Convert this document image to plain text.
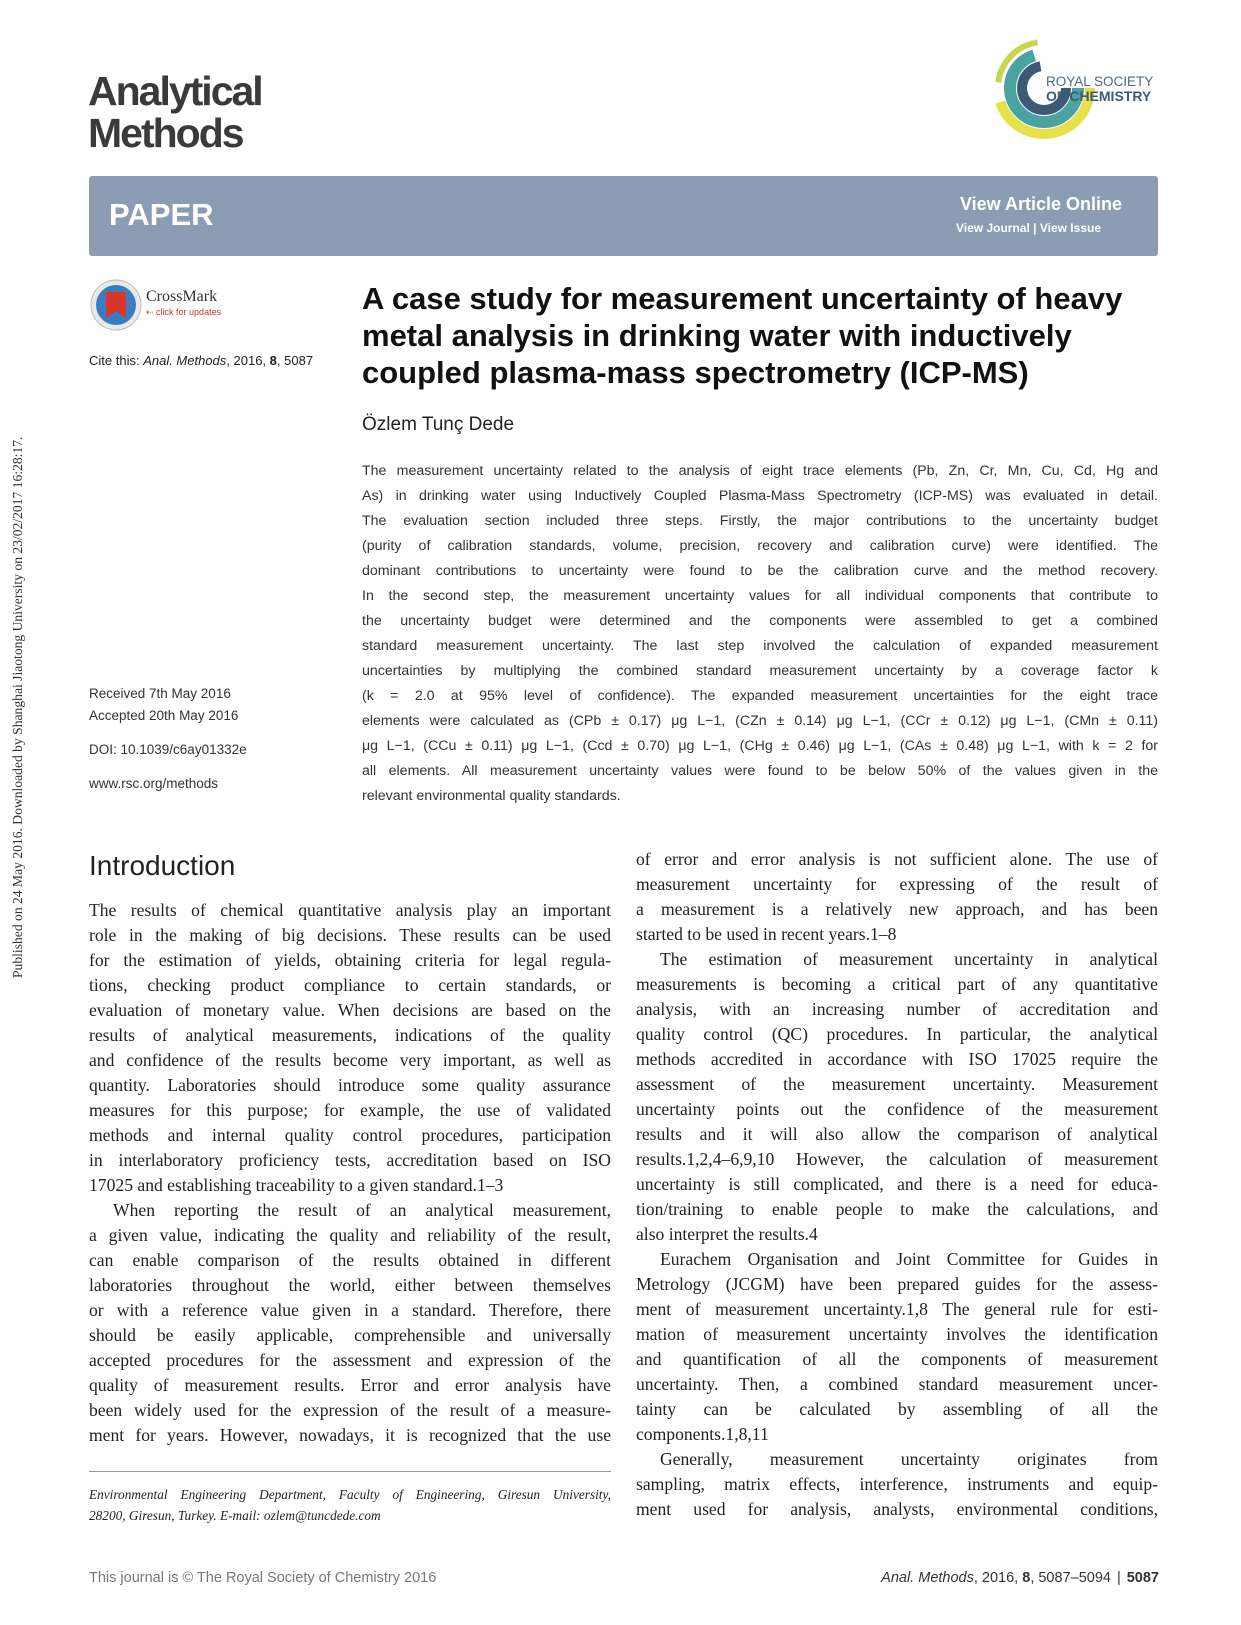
Published on 24 May 2016. Downloaded by Shanghai Jiaotong University on 23/02/2017 16:28:17.
Analytical
Methods
ROYAL SOCIETY
OF CHEMISTRY
PAPER	View Article Online
View Journal | View Issue
CrossMark
⇠ click for updates
Cite this: Anal. Methods, 2016, 8, 5087
Received 7th May 2016
Accepted 20th May 2016
DOI: 10.1039/c6ay01332e
www.rsc.org/methods
A case study for measurement uncertainty of heavy
metal analysis in drinking water with inductively
coupled plasma-mass spectrometry (ICP-MS)
Özlem Tunç Dede
The measurement uncertainty related to the analysis of eight trace elements (Pb, Zn, Cr, Mn, Cu, Cd, Hg and
As) in drinking water using Inductively Coupled Plasma-Mass Spectrometry (ICP-MS) was evaluated in detail.
The evaluation section included three steps. Firstly, the major contributions to the uncertainty budget
(purity of calibration standards, volume, precision, recovery and calibration curve) were identified. The
dominant contributions to uncertainty were found to be the calibration curve and the method recovery.
In the second step, the measurement uncertainty values for all individual components that contribute to
the uncertainty budget were determined and the components were assembled to get a combined
standard measurement uncertainty. The last step involved the calculation of expanded measurement
uncertainties by multiplying the combined standard measurement uncertainty by a coverage factor k
(k = 2.0 at 95% level of confidence). The expanded measurement uncertainties for the eight trace
elements were calculated as (CPb ± 0.17) μg L−1, (CZn ± 0.14) μg L−1, (CCr ± 0.12) μg L−1, (CMn ± 0.11)
μg L−1, (CCu ± 0.11) μg L−1, (Ccd ± 0.70) μg L−1, (CHg ± 0.46) μg L−1, (CAs ± 0.48) μg L−1, with k = 2 for
all elements. All measurement uncertainty values were found to be below 50% of the values given in the
relevant environmental quality standards.
Introduction
The results of chemical quantitative analysis play an important
role in the making of big decisions. These results can be used
for the estimation of yields, obtaining criteria for legal regula-
tions, checking product compliance to certain standards, or
evaluation of monetary value. When decisions are based on the
results of analytical measurements, indications of the quality
and confidence of the results become very important, as well as
quantity. Laboratories should introduce some quality assurance
measures for this purpose; for example, the use of validated
methods and internal quality control procedures, participation
in interlaboratory proficiency tests, accreditation based on ISO
17025 and establishing traceability to a given standard.1–3
When reporting the result of an analytical measurement,
a given value, indicating the quality and reliability of the result,
can enable comparison of the results obtained in different
laboratories throughout the world, either between themselves
or with a reference value given in a standard. Therefore, there
should be easily applicable, comprehensible and universally
accepted procedures for the assessment and expression of the
quality of measurement results. Error and error analysis have
been widely used for the expression of the result of a measure-
ment for years. However, nowadays, it is recognized that the use
of error and error analysis is not sufficient alone. The use of
measurement uncertainty for expressing of the result of
a measurement is a relatively new approach, and has been
started to be used in recent years.1–8
The estimation of measurement uncertainty in analytical
measurements is becoming a critical part of any quantitative
analysis, with an increasing number of accreditation and
quality control (QC) procedures. In particular, the analytical
methods accredited in accordance with ISO 17025 require the
assessment of the measurement uncertainty. Measurement
uncertainty points out the confidence of the measurement
results and it will also allow the comparison of analytical
results.1,2,4–6,9,10 However, the calculation of measurement
uncertainty is still complicated, and there is a need for educa-
tion/training to enable people to make the calculations, and
also interpret the results.4
Eurachem Organisation and Joint Committee for Guides in
Metrology (JCGM) have been prepared guides for the assess-
ment of measurement uncertainty.1,8 The general rule for esti-
mation of measurement uncertainty involves the identification
and quantification of all the components of measurement
uncertainty. Then, a combined standard measurement uncer-
tainty can be calculated by assembling of all the
components.1,8,11
Generally, measurement uncertainty originates from
sampling, matrix effects, interference, instruments and equip-
ment used for analysis, analysts, environmental conditions,
Environmental Engineering Department, Faculty of Engineering, Giresun University,
28200, Giresun, Turkey. E-mail: ozlem@tuncdede.com
This journal is © The Royal Society of Chemistry 2016	Anal. Methods, 2016, 8, 5087–5094 | 5087
